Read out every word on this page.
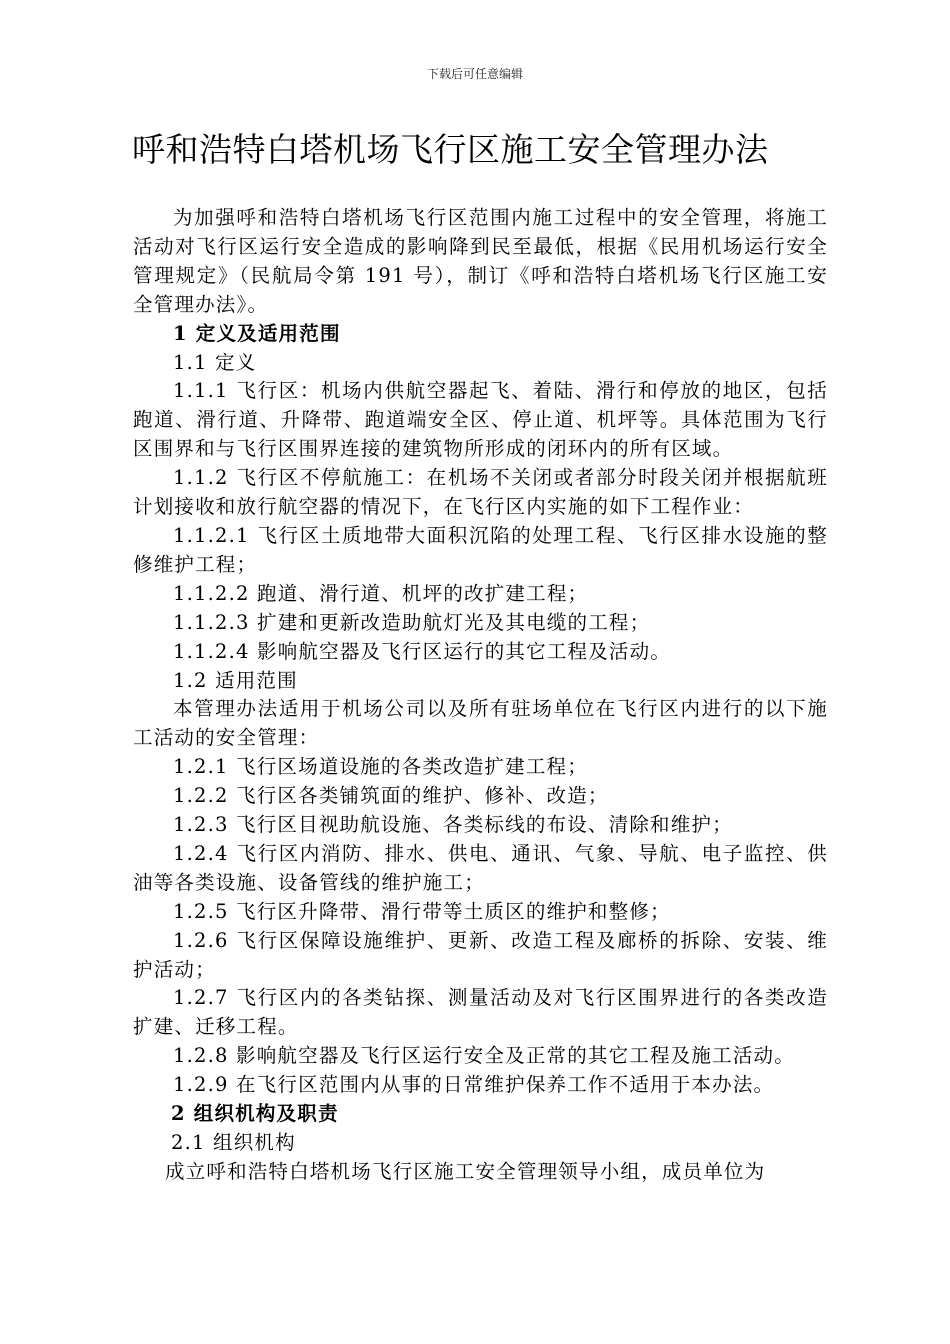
下载后可任意编辑
呼和浩特白塔机场飞行区施工安全管理办法

为加强呼和浩特白塔机场飞行区范围内施工过程中的安全管理，将施工活动对飞行区运行安全造成的影响降到民至最低，根据《民用机场运行安全管理规定》（民航局令第 191 号），制订《呼和浩特白塔机场飞行区施工安全管理办法》。

1 定义及适用范围

1.1 定义

1.1.1 飞行区：机场内供航空器起飞、着陆、滑行和停放的地区，包括跑道、滑行道、升降带、跑道端安全区、停止道、机坪等。具体范围为飞行区围界和与飞行区围界连接的建筑物所形成的闭环内的所有区域。

1.1.2 飞行区不停航施工：在机场不关闭或者部分时段关闭并根据航班计划接收和放行航空器的情况下，在飞行区内实施的如下工程作业：

1.1.2.1 飞行区土质地带大面积沉陷的处理工程、飞行区排水设施的整修维护工程；

1.1.2.2 跑道、滑行道、机坪的改扩建工程；

1.1.2.3 扩建和更新改造助航灯光及其电缆的工程；

1.1.2.4 影响航空器及飞行区运行的其它工程及活动。

1.2 适用范围

本管理办法适用于机场公司以及所有驻场单位在飞行区内进行的以下施工活动的安全管理：

1.2.1 飞行区场道设施的各类改造扩建工程；

1.2.2 飞行区各类铺筑面的维护、修补、改造；

1.2.3 飞行区目视助航设施、各类标线的布设、清除和维护；

1.2.4 飞行区内消防、排水、供电、通讯、气象、导航、电子监控、供油等各类设施、设备管线的维护施工；

1.2.5 飞行区升降带、滑行带等土质区的维护和整修；

1.2.6 飞行区保障设施维护、更新、改造工程及廊桥的拆除、安装、维护活动；

1.2.7 飞行区内的各类钻探、测量活动及对飞行区围界进行的各类改造扩建、迁移工程。

1.2.8 影响航空器及飞行区运行安全及正常的其它工程及施工活动。

1.2.9 在飞行区范围内从事的日常维护保养工作不适用于本办法。

2 组织机构及职责

2.1 组织机构

成立呼和浩特白塔机场飞行区施工安全管理领导小组，成员单位为
